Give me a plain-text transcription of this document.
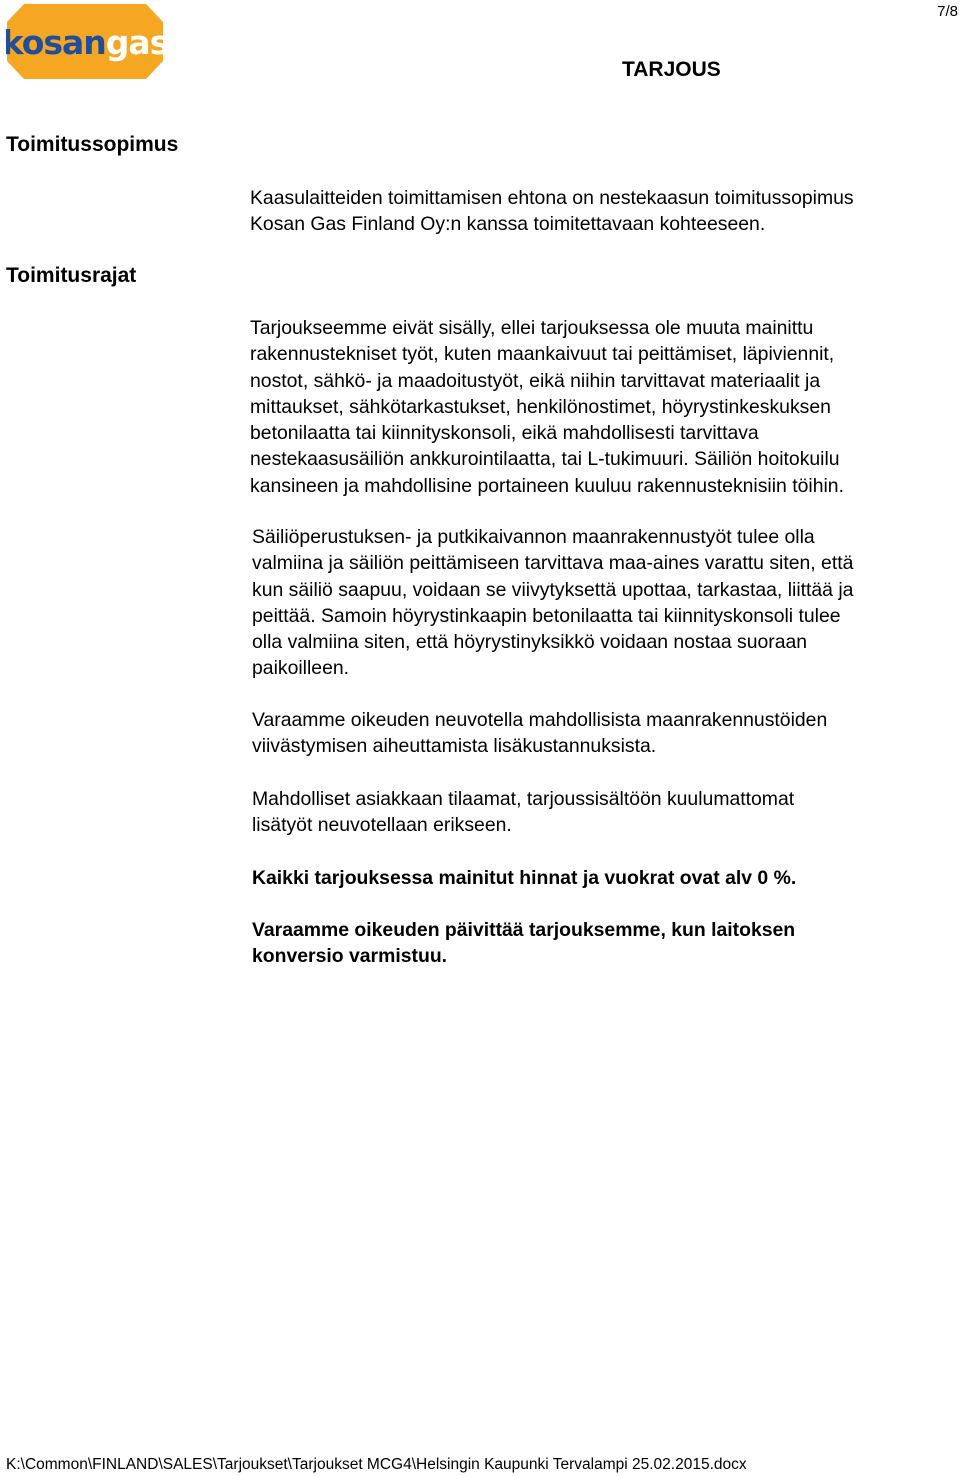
kosangas
7/8
TARJOUS
Toimitussopimus

Kaasulaitteiden toimittamisen ehtona on nestekaasun toimitussopimus
Kosan Gas Finland Oy:n kanssa toimitettavaan kohteeseen.

Toimitusrajat

Tarjoukseemme eivät sisälly, ellei tarjouksessa ole muuta mainittu
rakennustekniset työt, kuten maankaivuut tai peittämiset, läpiviennit,
nostot, sähkö- ja maadoitustyöt, eikä niihin tarvittavat materiaalit ja
mittaukset, sähkötarkastukset, henkilönostimet, höyrystinkeskuksen
betonilaatta tai kiinnityskonsoli, eikä mahdollisesti tarvittava
nestekaasusäiliön ankkurointilaatta, tai L-tukimuuri. Säiliön hoitokuilu
kansineen ja mahdollisine portaineen kuuluu rakennusteknisiin töihin.

Säiliöperustuksen- ja putkikaivannon maanrakennustyöt tulee olla
valmiina ja säiliön peittämiseen tarvittava maa-aines varattu siten, että
kun säiliö saapuu, voidaan se viivytyksettä upottaa, tarkastaa, liittää ja
peittää. Samoin höyrystinkaapin betonilaatta tai kiinnityskonsoli tulee
olla valmiina siten, että höyrystinyksikkö voidaan nostaa suoraan
paikoilleen.

Varaamme oikeuden neuvotella mahdollisista maanrakennustöiden
viivästymisen aiheuttamista lisäkustannuksista.

Mahdolliset asiakkaan tilaamat, tarjoussisältöön kuulumattomat
lisätyöt neuvotellaan erikseen.

Kaikki tarjouksessa mainitut hinnat ja vuokrat ovat alv 0 %.

Varaamme oikeuden päivittää tarjouksemme, kun laitoksen
konversio varmistuu.

K:\Common\FINLAND\SALES\Tarjoukset\Tarjoukset MCG4\Helsingin Kaupunki Tervalampi 25.02.2015.docx
